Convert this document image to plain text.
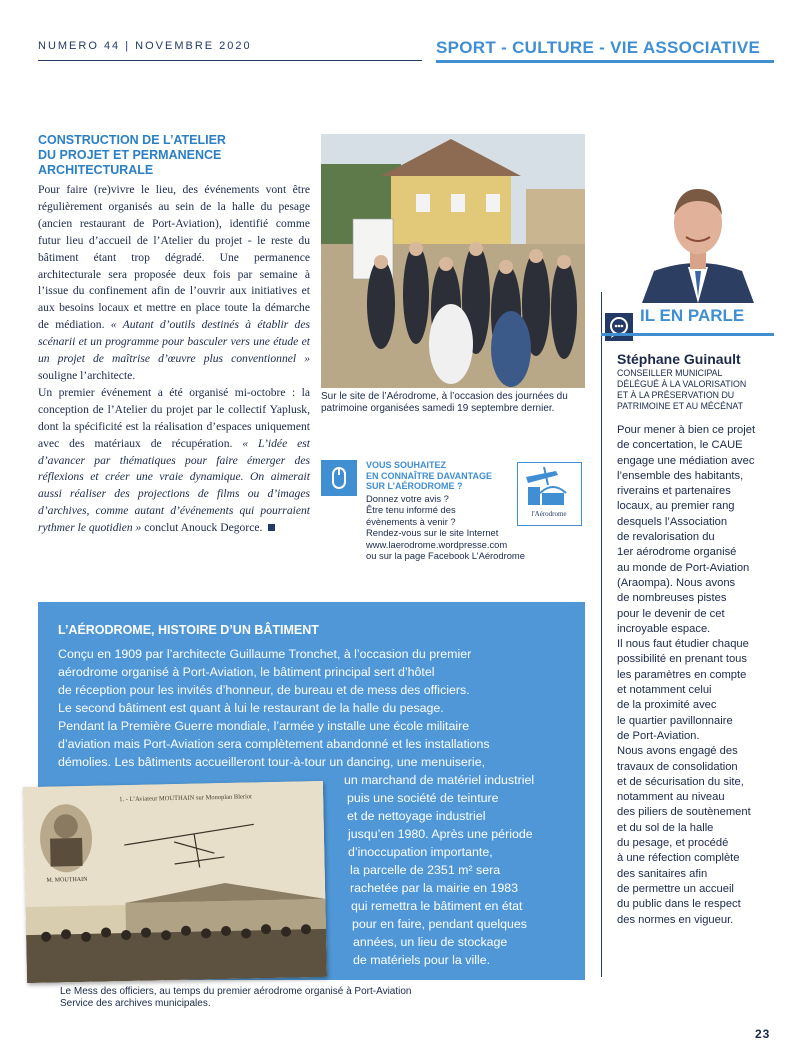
NUMERO 44 | NOVEMBRE 2020	SPORT - CULTURE - VIE ASSOCIATIVE
CONSTRUCTION DE L’ATELIER
DU PROJET ET PERMANENCE
ARCHITECTURALE

Pour faire (re)vivre le lieu, des événements vont être régulièrement organisés au sein de la halle du pesage (ancien restaurant de Port-Aviation), identifié comme futur lieu d’accueil de l’Atelier du projet - le reste du bâtiment étant trop dégradé. Une permanence architecturale sera proposée deux fois par semaine à l’issue du confinement afin de l’ouvrir aux initiatives et aux besoins locaux et mettre en place toute la démarche de médiation. « Autant d’outils destinés à établir des scénarii et un programme pour basculer vers une étude et un projet de maîtrise d’œuvre plus conventionnel » souligne l’architecte.

Un premier événement a été organisé mi-octobre : la conception de l’Atelier du projet par le collectif Yaplusk, dont la spécificité est la réalisation d’espaces uniquement avec des matériaux de récupération. « L’idée est d’avancer par thématiques pour faire émerger des réflexions et créer une vraie dynamique. On aimerait aussi réaliser des projections de films ou d’images d’archives, comme autant d’événements qui pourraient rythmer le quotidien » conclut Anouck Degorce.

Sur le site de l’Aérodrome, à l’occasion des journées du patrimoine organisées samedi 19 septembre dernier.
VOUS SOUHAITEZ
EN CONNAÎTRE DAVANTAGE
SUR L’AÉRODROME ?
Donnez votre avis ?
Être tenu informé des
évènements à venir ?
Rendez-vous sur le site Internet
www.laerodrome.wordpresse.com
ou sur la page Facebook L’Aérodrome
l'Aérodrome
L’AÉRODROME, HISTOIRE D’UN BÂTIMENT
Conçu en 1909 par l’architecte Guillaume Tronchet, à l’occasion du premier
aérodrome organisé à Port-Aviation, le bâtiment principal sert d’hôtel
de réception pour les invités d’honneur, de bureau et de mess des officiers.
Le second bâtiment est quant à lui le restaurant de la halle du pesage.
Pendant la Première Guerre mondiale, l’armée y installe une école militaire
d’aviation mais Port-Aviation sera complètement abandonné et les installations
démolies. Les bâtiments accueilleront tour-à-tour un dancing, une menuiserie,
un marchand de matériel industriel
puis une société de teinture
et de nettoyage industriel
jusqu’en 1980. Après une période
d’inoccupation importante,
la parcelle de 2351 m² sera
rachetée par la mairie en 1983
qui remettra le bâtiment en état
pour en faire, pendant quelques
années, un lieu de stockage
de matériels pour la ville.
1. - L’Aviateur MOUTHAIN sur Monoplan Bleriot
M. MOUTHAIN
Le Mess des officiers, au temps du premier aérodrome organisé à Port-Aviation
Service des archives municipales.
IL EN PARLE
Stéphane Guinault
CONSEILLER MUNICIPAL
DÉLÉGUÉ À LA VALORISATION
ET À LA PRÉSERVATION DU
PATRIMOINE ET AU MÉCÉNAT
Pour mener à bien ce projet
de concertation, le CAUE
engage une médiation avec
l’ensemble des habitants,
riverains et partenaires
locaux, au premier rang
desquels l’Association
de revalorisation du
1er aérodrome organisé
au monde de Port-Aviation
(Araompa). Nous avons
de nombreuses pistes
pour le devenir de cet
incroyable espace.
Il nous faut étudier chaque
possibilité en prenant tous
les paramètres en compte
et notamment celui
de la proximité avec
le quartier pavillonnaire
de Port-Aviation.
Nous avons engagé des
travaux de consolidation
et de sécurisation du site,
notamment au niveau
des piliers de soutènement
et du sol de la halle
du pesage, et procédé
à une réfection complète
des sanitaires afin
de permettre un accueil
du public dans le respect
des normes en vigueur.
23
